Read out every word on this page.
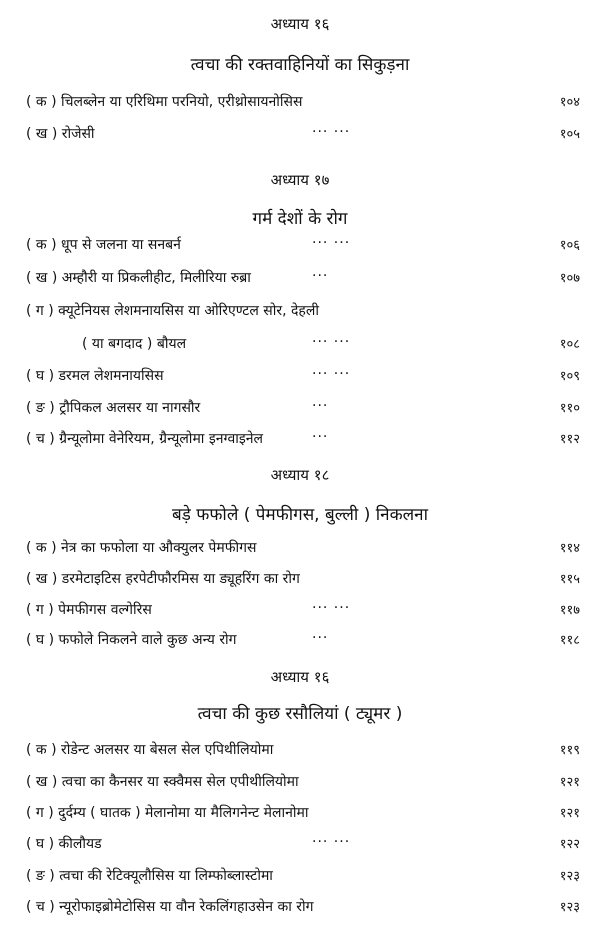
अध्याय १६
त्वचा की रक्तवाहिनियों का सिकुड़ना
( क ) चिलब्लेन या एरिथिमा परनियो, एरीथ्रोसायनोसिस	१०४
( ख ) रोजेसी	··· ···	१०५
अध्याय १७
गर्म देशों के रोग
( क ) धूप से जलना या सनबर्न	··· ···	१०६
( ख ) अम्हौरी या प्रिकलीहीट, मिलीरिया रुब्रा	···	१०७
( ग ) क्यूटेनियस लेशमनायसिस या ओरिएण्टल सोर, देहली
( या बगदाद ) बौयल	··· ···	१०८
( घ ) डरमल लेशमनायसिस	··· ···	१०९
( ङ ) ट्रौपिकल अलसर या नागसौर	···	११०
( च ) ग्रैन्यूलोमा वेनेरियम, ग्रैन्यूलोमा इनग्वाइनेल	···	११२
अध्याय १८
बड़े फफोले ( पेमफीगस, बुल्ली ) निकलना
( क ) नेत्र का फफोला या औक्युलर पेमफीगस	११४
( ख ) डरमेटाइटिस हरपेटीफौरमिस या ड्यूहरिंग का रोग	११५
( ग ) पेमफीगस वल्गेरिस	··· ···	११७
( घ ) फफोले निकलने वाले कुछ अन्य रोग	···	११८
अध्याय १६
त्वचा की कुछ रसौलियां ( ट्यूमर )
( क ) रोडेन्ट अलसर या बेसल सेल एपिथीलियोमा	११९
( ख ) त्वचा का कैनसर या स्क्वैमस सेल एपीथीलियोमा	१२१
( ग ) दुर्दम्य ( घातक ) मेलानोमा या मैलिगनेन्ट मेलानोमा	१२१
( घ ) कीलौयड	··· ···	१२२
( ङ ) त्वचा की रेटिक्यूलौसिस या लिम्फोब्लास्टोमा	१२३
( च ) न्यूरोफाइब्रोमेटोसिस या वौन रेकलिंगहाउसेन का रोग	१२३
